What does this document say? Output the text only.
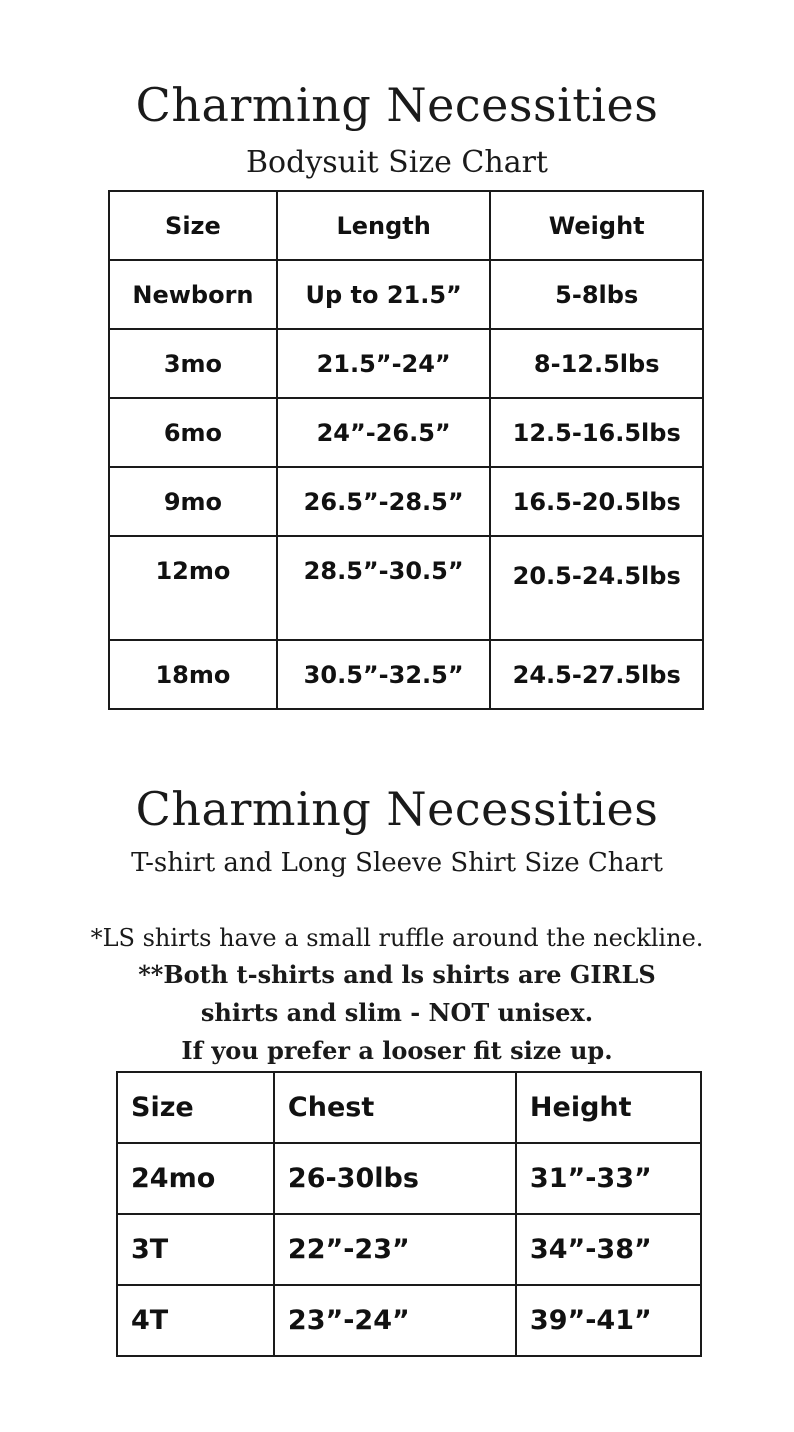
Charming Necessities
Bodysuit Size Chart
Size	Length	Weight
Newborn	Up to 21.5”	5-8lbs
3mo	21.5”-24”	8-12.5lbs
6mo	24”-26.5”	12.5-16.5lbs
9mo	26.5”-28.5”	16.5-20.5lbs
12mo	28.5”-30.5”	20.5-24.5lbs
18mo	30.5”-32.5”	24.5-27.5lbs
Charming Necessities
T-shirt and Long Sleeve Shirt Size Chart

*LS shirts have a small ruffle around the neckline.

**Both t-shirts and ls shirts are GIRLS

shirts and slim - NOT unisex.

If you prefer a looser fit size up.

Size	Chest	Height
24mo	26-30lbs	31”-33”
3T	22”-23”	34”-38”
4T	23”-24”	39”-41”
